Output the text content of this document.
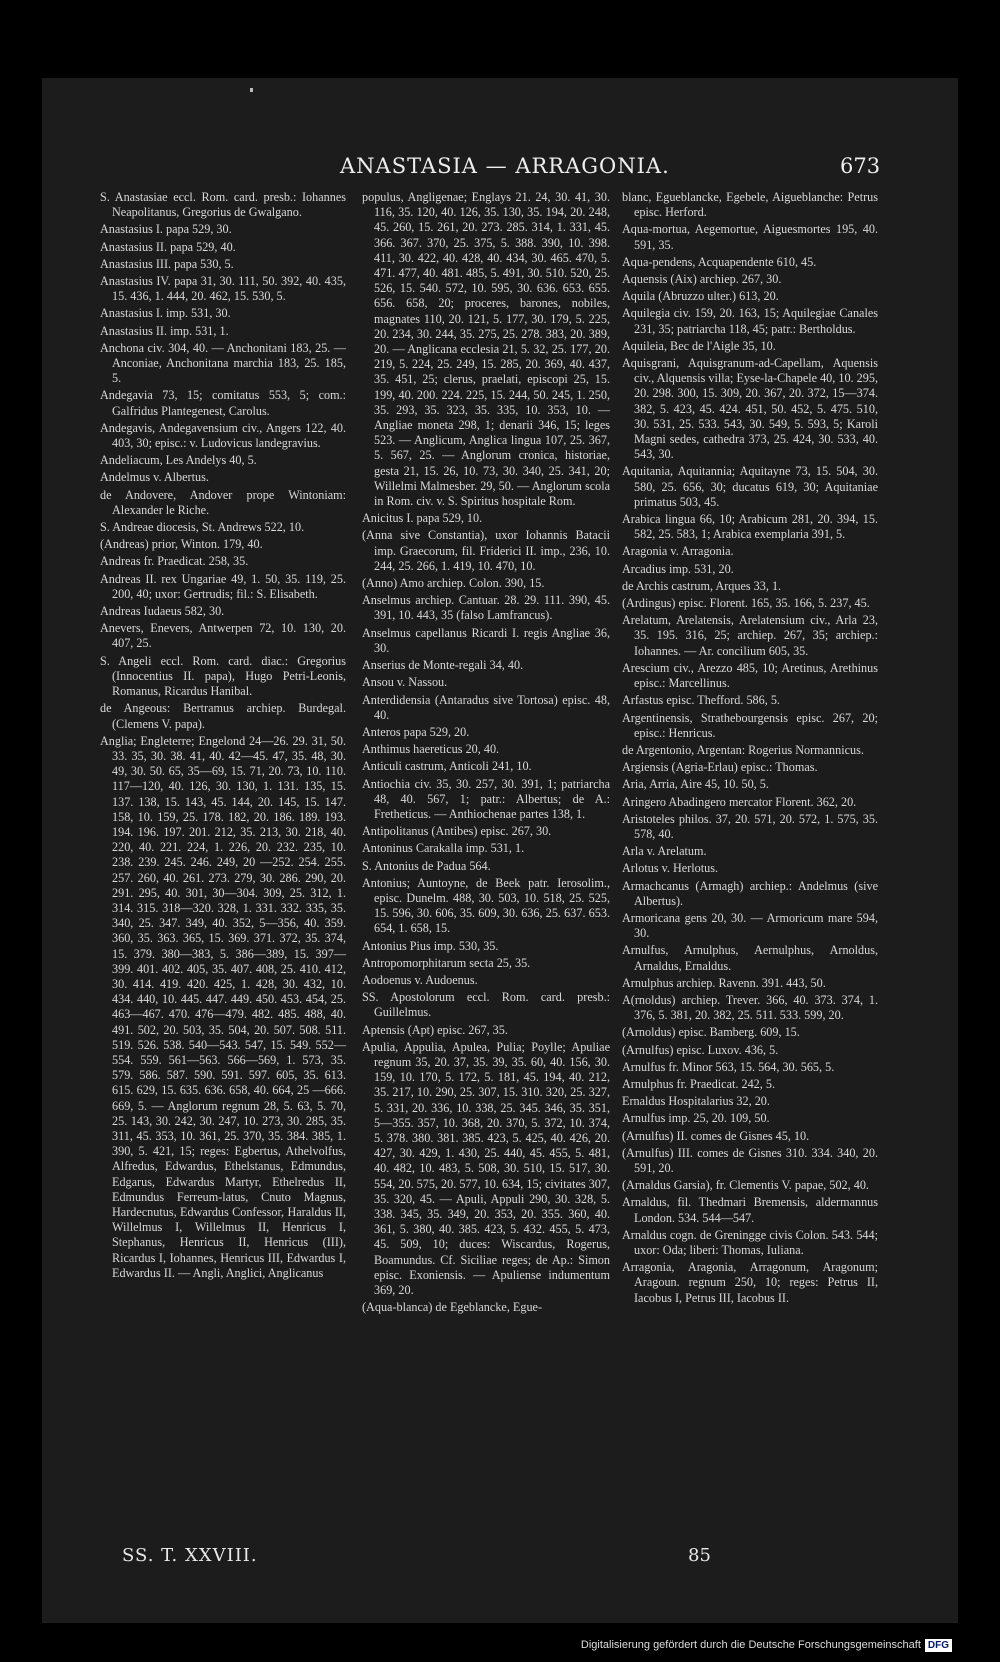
ANASTASIA — ARRAGONIA.	673
S. Anastasiae eccl. Rom. card. presb.: Iohannes Neapolitanus, Gregorius de Gwalgano.
Anastasius I. papa 529, 30.
Anastasius II. papa 529, 40.
Anastasius III. papa 530, 5.
Anastasius IV. papa 31, 30. 111, 50. 392, 40. 435, 15. 436, 1. 444, 20. 462, 15. 530, 5.
Anastasius I. imp. 531, 30.
Anastasius II. imp. 531, 1.
Anchona civ. 304, 40. — Anchonitani 183, 25. — Anconiae, Anchonitana marchia 183, 25. 185, 5.
Andegavia 73, 15; comitatus 553, 5; com.: Galfridus Plantegenest, Carolus.
Andegavis, Andegavensium civ., Angers 122, 40. 403, 30; episc.: v. Ludovicus landegravius.
Andeliacum, Les Andelys 40, 5.
Andelmus v. Albertus.
de Andovere, Andover prope Wintoniam: Alexander le Riche.
S. Andreae diocesis, St. Andrews 522, 10.
(Andreas) prior, Winton. 179, 40.
Andreas fr. Praedicat. 258, 35.
Andreas II. rex Ungariae 49, 1. 50, 35. 119, 25. 200, 40; uxor: Gertrudis; fil.: S. Elisabeth.
Andreas Iudaeus 582, 30.
Anevers, Enevers, Antwerpen 72, 10. 130, 20. 407, 25.
S. Angeli eccl. Rom. card. diac.: Gregorius (Innocentius II. papa), Hugo Petri-Leonis, Romanus, Ricardus Hanibal.
de Angeous: Bertramus archiep. Burdegal. (Clemens V. papa).
Anglia; Engleterre; Engelond 24—26. 29. 31, 50. 33. 35, 30. 38. 41, 40. 42—45. 47, 35. 48, 30. 49, 30. 50. 65, 35—69, 15. 71, 20. 73, 10. 110. 117—120, 40. 126, 30. 130, 1. 131. 135, 15. 137. 138, 15. 143, 45. 144, 20. 145, 15. 147. 158, 10. 159, 25. 178. 182, 20. 186. 189. 193. 194. 196. 197. 201. 212, 35. 213, 30. 218, 40. 220, 40. 221. 224, 1. 226, 20. 232. 235, 10. 238. 239. 245. 246. 249, 20 —252. 254. 255. 257. 260, 40. 261. 273. 279, 30. 286. 290, 20. 291. 295, 40. 301, 30—304. 309, 25. 312, 1. 314. 315. 318—320. 328, 1. 331. 332. 335, 35. 340, 25. 347. 349, 40. 352, 5—356, 40. 359. 360, 35. 363. 365, 15. 369. 371. 372, 35. 374, 15. 379. 380—383, 5. 386—389, 15. 397—399. 401. 402. 405, 35. 407. 408, 25. 410. 412, 30. 414. 419. 420. 425, 1. 428, 30. 432, 10. 434. 440, 10. 445. 447. 449. 450. 453. 454, 25. 463—467. 470. 476—479. 482. 485. 488, 40. 491. 502, 20. 503, 35. 504, 20. 507. 508. 511. 519. 526. 538. 540—543. 547, 15. 549. 552—554. 559. 561—563. 566—569, 1. 573, 35. 579. 586. 587. 590. 591. 597. 605, 35. 613. 615. 629, 15. 635. 636. 658, 40. 664, 25 —666. 669, 5. — Anglorum regnum 28, 5. 63, 5. 70, 25. 143, 30. 242, 30. 247, 10. 273, 30. 285, 35. 311, 45. 353, 10. 361, 25. 370, 35. 384. 385, 1. 390, 5. 421, 15; reges: Egbertus, Athelvolfus, Alfredus, Edwardus, Ethelstanus, Edmundus, Edgarus, Edwardus Martyr, Ethelredus II, Edmundus Ferreum-latus, Cnuto Magnus, Hardecnutus, Edwardus Confessor, Haraldus II, Willelmus I, Willelmus II, Henricus I, Stephanus, Henricus II, Henricus (III), Ricardus I, Iohannes, Henricus III, Edwardus I, Edwardus II. — Angli, Anglici, Anglicanus
populus, Angligenae; Englays 21. 24, 30. 41, 30. 116, 35. 120, 40. 126, 35. 130, 35. 194, 20. 248, 45. 260, 15. 261, 20. 273. 285. 314, 1. 331, 45. 366. 367. 370, 25. 375, 5. 388. 390, 10. 398. 411, 30. 422, 40. 428, 40. 434, 30. 465. 470, 5. 471. 477, 40. 481. 485, 5. 491, 30. 510. 520, 25. 526, 15. 540. 572, 10. 595, 30. 636. 653. 655. 656. 658, 20; proceres, barones, nobiles, magnates 110, 20. 121, 5. 177, 30. 179, 5. 225, 20. 234, 30. 244, 35. 275, 25. 278. 383, 20. 389, 20. — Anglicana ecclesia 21, 5. 32, 25. 177, 20. 219, 5. 224, 25. 249, 15. 285, 20. 369, 40. 437, 35. 451, 25; clerus, praelati, episcopi 25, 15. 199, 40. 200. 224. 225, 15. 244, 50. 245, 1. 250, 35. 293, 35. 323, 35. 335, 10. 353, 10. — Angliae moneta 298, 1; denarii 346, 15; leges 523. — Anglicum, Anglica lingua 107, 25. 367, 5. 567, 25. — Anglorum cronica, historiae, gesta 21, 15. 26, 10. 73, 30. 340, 25. 341, 20; Willelmi Malmesber. 29, 50. — Anglorum scola in Rom. civ. v. S. Spiritus hospitale Rom.
Anicitus I. papa 529, 10.
(Anna sive Constantia), uxor Iohannis Batacii imp. Graecorum, fil. Friderici II. imp., 236, 10. 244, 25. 266, 1. 419, 10. 470, 10.
(Anno) Amo archiep. Colon. 390, 15.
Anselmus archiep. Cantuar. 28. 29. 111. 390, 45. 391, 10. 443, 35 (falso Lamfrancus).
Anselmus capellanus Ricardi I. regis Angliae 36, 30.
Anserius de Monte-regali 34, 40.
Ansou v. Nassou.
Anterdidensia (Antaradus sive Tortosa) episc. 48, 40.
Anteros papa 529, 20.
Anthimus haereticus 20, 40.
Anticuli castrum, Anticoli 241, 10.
Antiochia civ. 35, 30. 257, 30. 391, 1; patriarcha 48, 40. 567, 1; patr.: Albertus; de A.: Fretheticus. — Anthiochenae partes 138, 1.
Antipolitanus (Antibes) episc. 267, 30.
Antoninus Carakalla imp. 531, 1.
S. Antonius de Padua 564.
Antonius; Auntoyne, de Beek patr. Ierosolim., episc. Dunelm. 488, 30. 503, 10. 518, 25. 525, 15. 596, 30. 606, 35. 609, 30. 636, 25. 637. 653. 654, 1. 658, 15.
Antonius Pius imp. 530, 35.
Antropomorphitarum secta 25, 35.
Aodoenus v. Audoenus.
SS. Apostolorum eccl. Rom. card. presb.: Guillelmus.
Aptensis (Apt) episc. 267, 35.
Apulia, Appulia, Apulea, Pulia; Poylle; Apuliae regnum 35, 20. 37, 35. 39, 35. 60, 40. 156, 30. 159, 10. 170, 5. 172, 5. 181, 45. 194, 40. 212, 35. 217, 10. 290, 25. 307, 15. 310. 320, 25. 327, 5. 331, 20. 336, 10. 338, 25. 345. 346, 35. 351, 5—355. 357, 10. 368, 20. 370, 5. 372, 10. 374, 5. 378. 380. 381. 385. 423, 5. 425, 40. 426, 20. 427, 30. 429, 1. 430, 25. 440, 45. 455, 5. 481, 40. 482, 10. 483, 5. 508, 30. 510, 15. 517, 30. 554, 20. 575, 20. 577, 10. 634, 15; civitates 307, 35. 320, 45. — Apuli, Appuli 290, 30. 328, 5. 338. 345, 35. 349, 20. 353, 20. 355. 360, 40. 361, 5. 380, 40. 385. 423, 5. 432. 455, 5. 473, 45. 509, 10; duces: Wiscardus, Rogerus, Boamundus. Cf. Siciliae reges; de Ap.: Simon episc. Exoniensis. — Apuliense indumentum 369, 20.
(Aqua-blanca) de Egeblancke, Egue-
blanc, Egueblancke, Egebele, Aigueblanche: Petrus episc. Herford.
Aqua-mortua, Aegemortue, Aiguesmortes 195, 40. 591, 35.
Aqua-pendens, Acquapendente 610, 45.
Aquensis (Aix) archiep. 267, 30.
Aquila (Abruzzo ulter.) 613, 20.
Aquilegia civ. 159, 20. 163, 15; Aquilegiae Canales 231, 35; patriarcha 118, 45; patr.: Bertholdus.
Aquileia, Bec de l'Aigle 35, 10.
Aquisgrani, Aquisgranum-ad-Capellam, Aquensis civ., Alquensis villa; Eyse-la-Chapele 40, 10. 295, 20. 298. 300, 15. 309, 20. 367, 20. 372, 15—374. 382, 5. 423, 45. 424. 451, 50. 452, 5. 475. 510, 30. 531, 25. 533. 543, 30. 549, 5. 593, 5; Karoli Magni sedes, cathedra 373, 25. 424, 30. 533, 40. 543, 30.
Aquitania, Aquitannia; Aquitayne 73, 15. 504, 30. 580, 25. 656, 30; ducatus 619, 30; Aquitaniae primatus 503, 45.
Arabica lingua 66, 10; Arabicum 281, 20. 394, 15. 582, 25. 583, 1; Arabica exemplaria 391, 5.
Aragonia v. Arragonia.
Arcadius imp. 531, 20.
de Archis castrum, Arques 33, 1.
(Ardingus) episc. Florent. 165, 35. 166, 5. 237, 45.
Arelatum, Arelatensis, Arelatensium civ., Arla 23, 35. 195. 316, 25; archiep. 267, 35; archiep.: Iohannes. — Ar. concilium 605, 35.
Arescium civ., Arezzo 485, 10; Aretinus, Arethinus episc.: Marcellinus.
Arfastus episc. Thefford. 586, 5.
Argentinensis, Strathebourgensis episc. 267, 20; episc.: Henricus.
de Argentonio, Argentan: Rogerius Normannicus.
Argiensis (Agria-Erlau) episc.: Thomas.
Aria, Arria, Aire 45, 10. 50, 5.
Aringero Abadingero mercator Florent. 362, 20.
Aristoteles philos. 37, 20. 571, 20. 572, 1. 575, 35. 578, 40.
Arla v. Arelatum.
Arlotus v. Herlotus.
Armachcanus (Armagh) archiep.: Andelmus (sive Albertus).
Armoricana gens 20, 30. — Armoricum mare 594, 30.
Arnulfus, Arnulphus, Aernulphus, Arnoldus, Arnaldus, Ernaldus.
Arnulphus archiep. Ravenn. 391. 443, 50.
A(rnoldus) archiep. Trever. 366, 40. 373. 374, 1. 376, 5. 381, 20. 382, 25. 511. 533. 599, 20.
(Arnoldus) episc. Bamberg. 609, 15.
(Arnulfus) episc. Luxov. 436, 5.
Arnulfus fr. Minor 563, 15. 564, 30. 565, 5.
Arnulphus fr. Praedicat. 242, 5.
Ernaldus Hospitalarius 32, 20.
Arnulfus imp. 25, 20. 109, 50.
(Arnulfus) II. comes de Gisnes 45, 10.
(Arnulfus) III. comes de Gisnes 310. 334. 340, 20. 591, 20.
(Arnaldus Garsia), fr. Clementis V. papae, 502, 40.
Arnaldus, fil. Thedmari Bremensis, aldermannus London. 534. 544—547.
Arnaldus cogn. de Greningge civis Colon. 543. 544; uxor: Oda; liberi: Thomas, Iuliana.
Arragonia, Aragonia, Arragonum, Aragonum; Aragoun. regnum 250, 10; reges: Petrus II, Iacobus I, Petrus III, Iacobus II.
SS. T. XXVIII.	85
Digitalisierung gefördert durch die Deutsche Forschungsgemeinschaft DFG
